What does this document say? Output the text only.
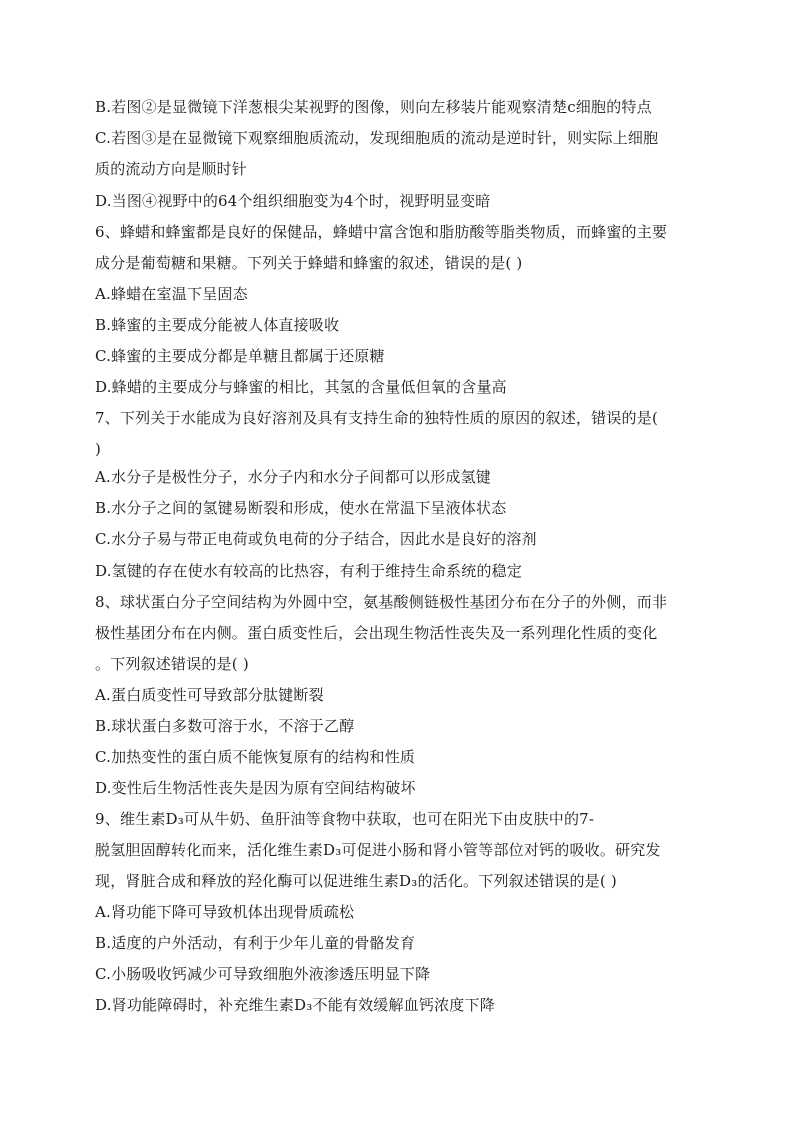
B.若图②是显微镜下洋葱根尖某视野的图像，则向左移装片能观察清楚c细胞的特点
C.若图③是在显微镜下观察细胞质流动，发现细胞质的流动是逆时针，则实际上细胞
质的流动方向是顺时针
D.当图④视野中的64个组织细胞变为4个时，视野明显变暗
6、蜂蜡和蜂蜜都是良好的保健品，蜂蜡中富含饱和脂肪酸等脂类物质，而蜂蜜的主要
成分是葡萄糖和果糖。下列关于蜂蜡和蜂蜜的叙述，错误的是( )
A.蜂蜡在室温下呈固态
B.蜂蜜的主要成分能被人体直接吸收
C.蜂蜜的主要成分都是单糖且都属于还原糖
D.蜂蜡的主要成分与蜂蜜的相比，其氢的含量低但氧的含量高
7、下列关于水能成为良好溶剂及具有支持生命的独特性质的原因的叙述，错误的是(
)
A.水分子是极性分子，水分子内和水分子间都可以形成氢键
B.水分子之间的氢键易断裂和形成，使水在常温下呈液体状态
C.水分子易与带正电荷或负电荷的分子结合，因此水是良好的溶剂
D.氢键的存在使水有较高的比热容，有利于维持生命系统的稳定
8、球状蛋白分子空间结构为外圆中空，氨基酸侧链极性基团分布在分子的外侧，而非
极性基团分布在内侧。蛋白质变性后，会出现生物活性丧失及一系列理化性质的变化
。下列叙述错误的是( )
A.蛋白质变性可导致部分肽键断裂
B.球状蛋白多数可溶于水，不溶于乙醇
C.加热变性的蛋白质不能恢复原有的结构和性质
D.变性后生物活性丧失是因为原有空间结构破坏
9、维生素D₃可从牛奶、鱼肝油等食物中获取，也可在阳光下由皮肤中的7-
脱氢胆固醇转化而来，活化维生素D₃可促进小肠和肾小管等部位对钙的吸收。研究发
现，肾脏合成和释放的羟化酶可以促进维生素D₃的活化。下列叙述错误的是( )
A.肾功能下降可导致机体出现骨质疏松
B.适度的户外活动，有利于少年儿童的骨骼发育
C.小肠吸收钙减少可导致细胞外液渗透压明显下降
D.肾功能障碍时，补充维生素D₃不能有效缓解血钙浓度下降
